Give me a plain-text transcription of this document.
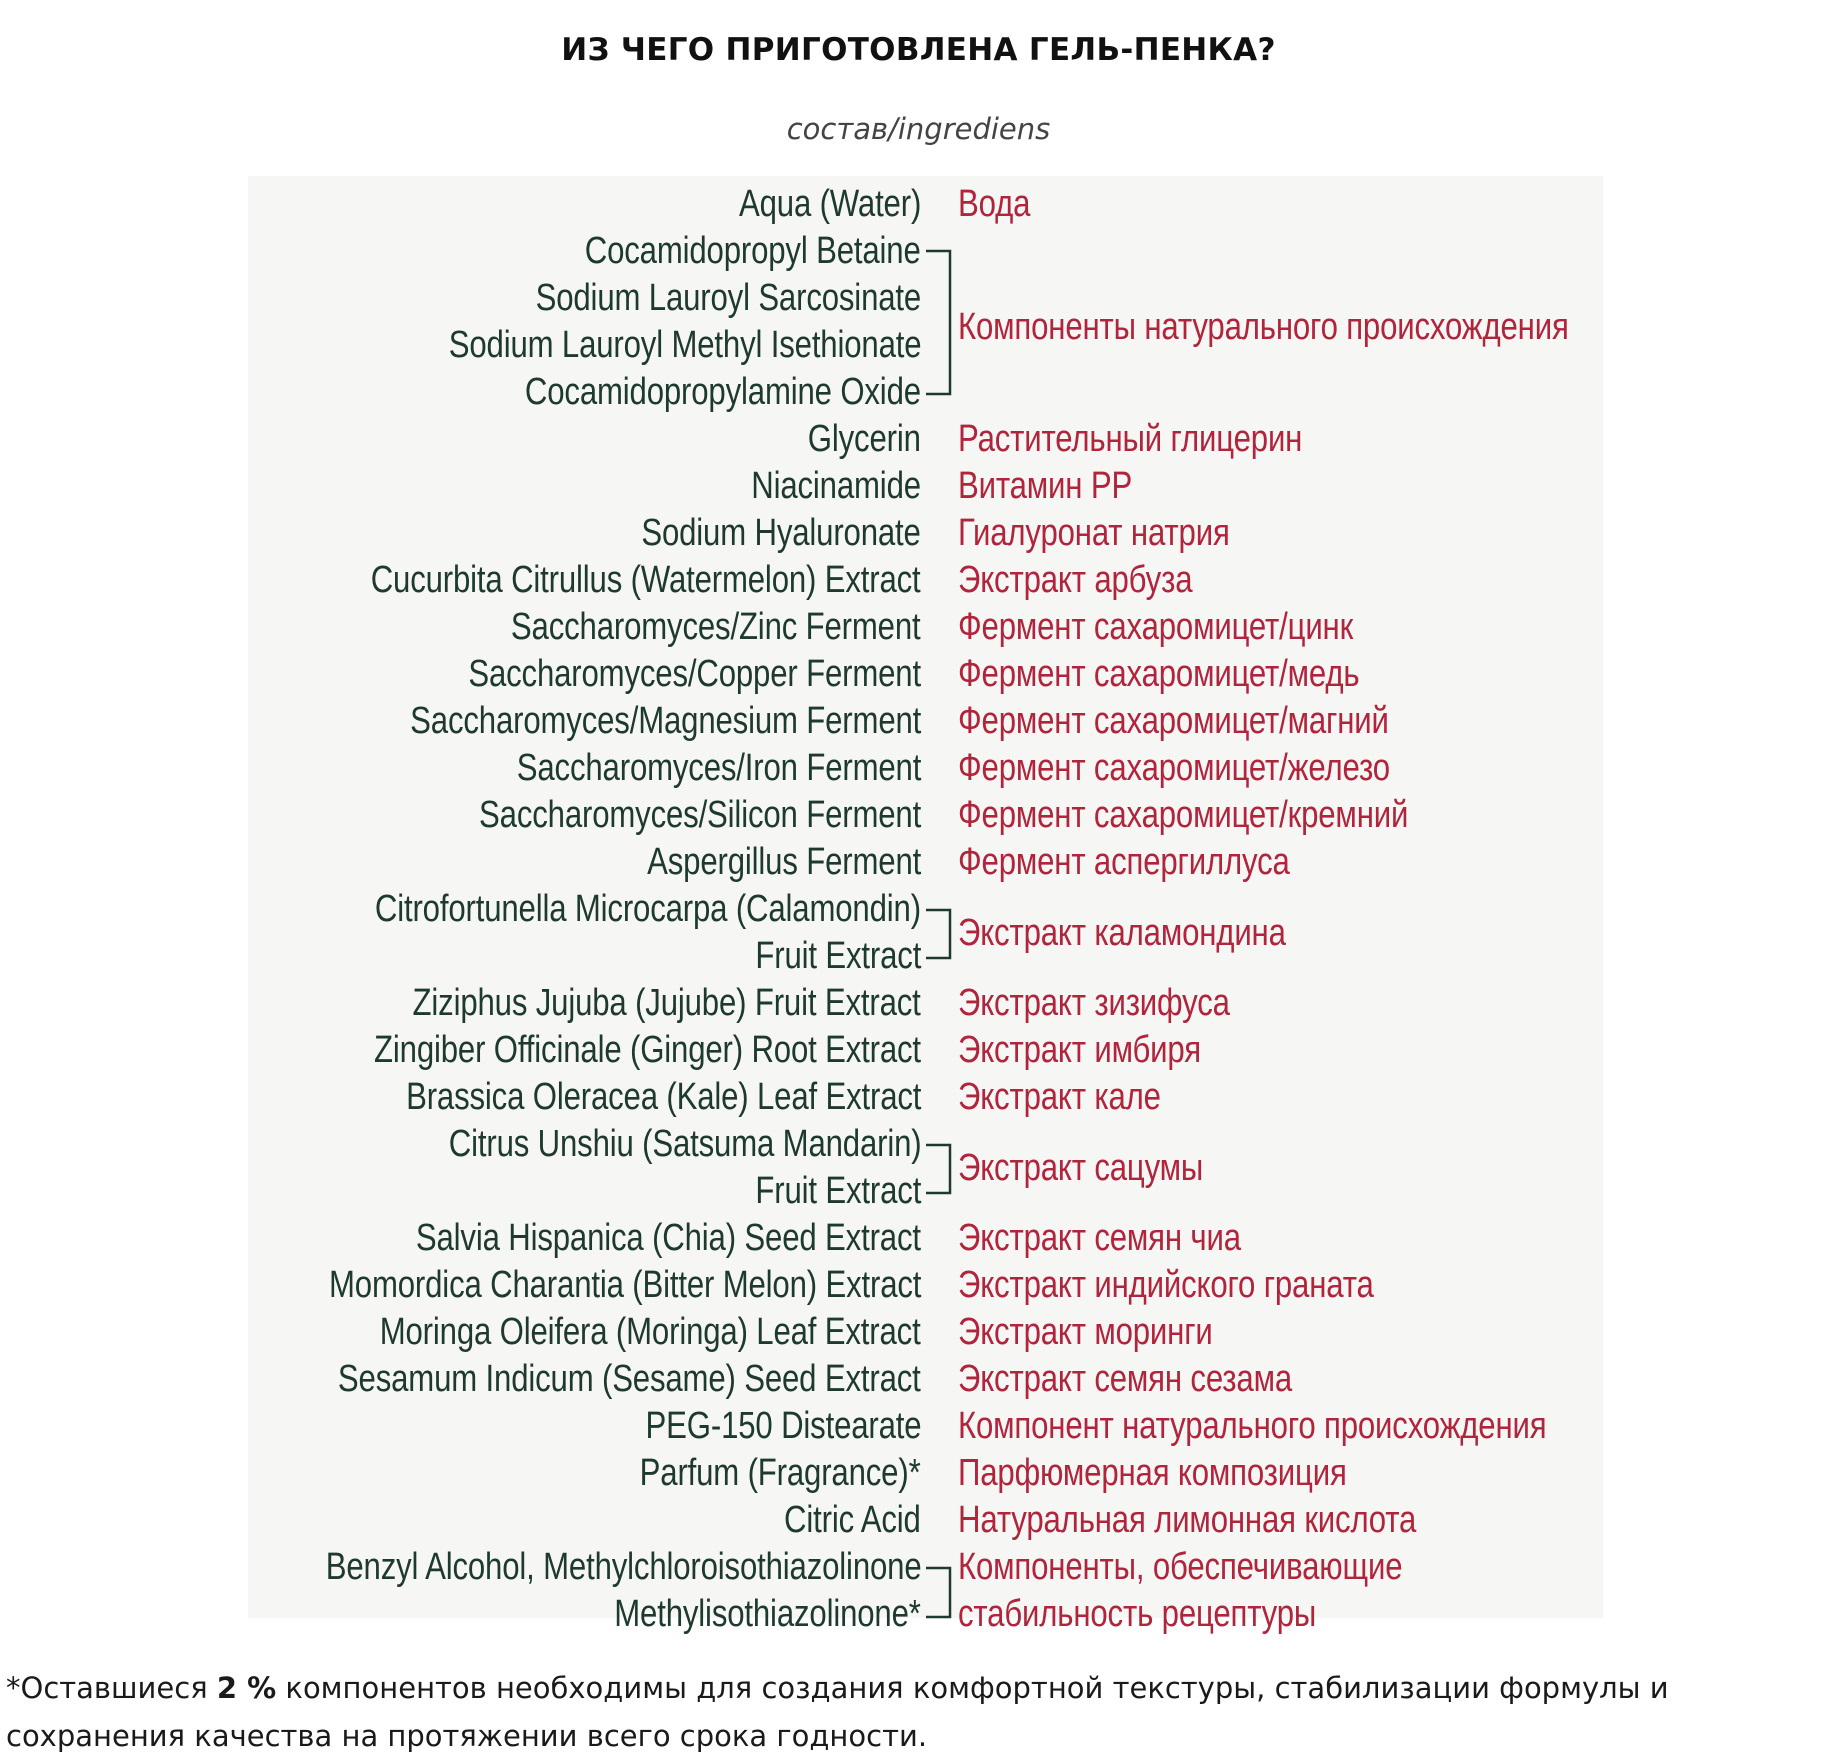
ИЗ ЧЕГО ПРИГОТОВЛЕНА ГЕЛЬ-ПЕНКА?
состав/ingrediens
Aqua (Water)
Cocamidopropyl Betaine
Sodium Lauroyl Sarcosinate
Sodium Lauroyl Methyl Isethionate
Cocamidopropylamine Oxide
Glycerin
Niacinamide
Sodium Hyaluronate
Cucurbita Citrullus (Watermelon) Extract
Saccharomyces/Zinc Ferment
Saccharomyces/Copper Ferment
Saccharomyces/Magnesium Ferment
Saccharomyces/Iron Ferment
Saccharomyces/Silicon Ferment
Aspergillus Ferment
Citrofortunella Microcarpa (Calamondin)
Fruit Extract
Ziziphus Jujuba (Jujube) Fruit Extract
Zingiber Officinale (Ginger) Root Extract
Brassica Oleracea (Kale) Leaf Extract
Citrus Unshiu (Satsuma Mandarin)
Fruit Extract
Salvia Hispanica (Chia) Seed Extract
Momordica Charantia (Bitter Melon) Extract
Moringa Oleifera (Moringa) Leaf Extract
Sesamum Indicum (Sesame) Seed Extract
PEG-150 Distearate
Parfum (Fragrance)*
Citric Acid
Benzyl Alcohol, Methylchloroisothiazolinone
Methylisothiazolinone*
Вода
Компоненты натурального происхождения
Растительный глицерин
Витамин PP
Гиалуронат натрия
Экстракт арбуза
Фермент сахаромицет/цинк
Фермент сахаромицет/медь
Фермент сахаромицет/магний
Фермент сахаромицет/железо
Фермент сахаромицет/кремний
Фермент аспергиллуса
Экстракт каламондина
Экстракт зизифуса
Экстракт имбиря
Экстракт кале
Экстракт сацумы
Экстракт семян чиа
Экстракт индийского граната
Экстракт моринги
Экстракт семян сезама
Компонент натурального происхождения
Парфюмерная композиция
Натуральная лимонная кислота
Компоненты, обеспечивающие
стабильность рецептуры
*Оставшиеся 2 % компонентов необходимы для создания комфортной текстуры, стабилизации формулы и сохранения качества на протяжении всего срока годности.
